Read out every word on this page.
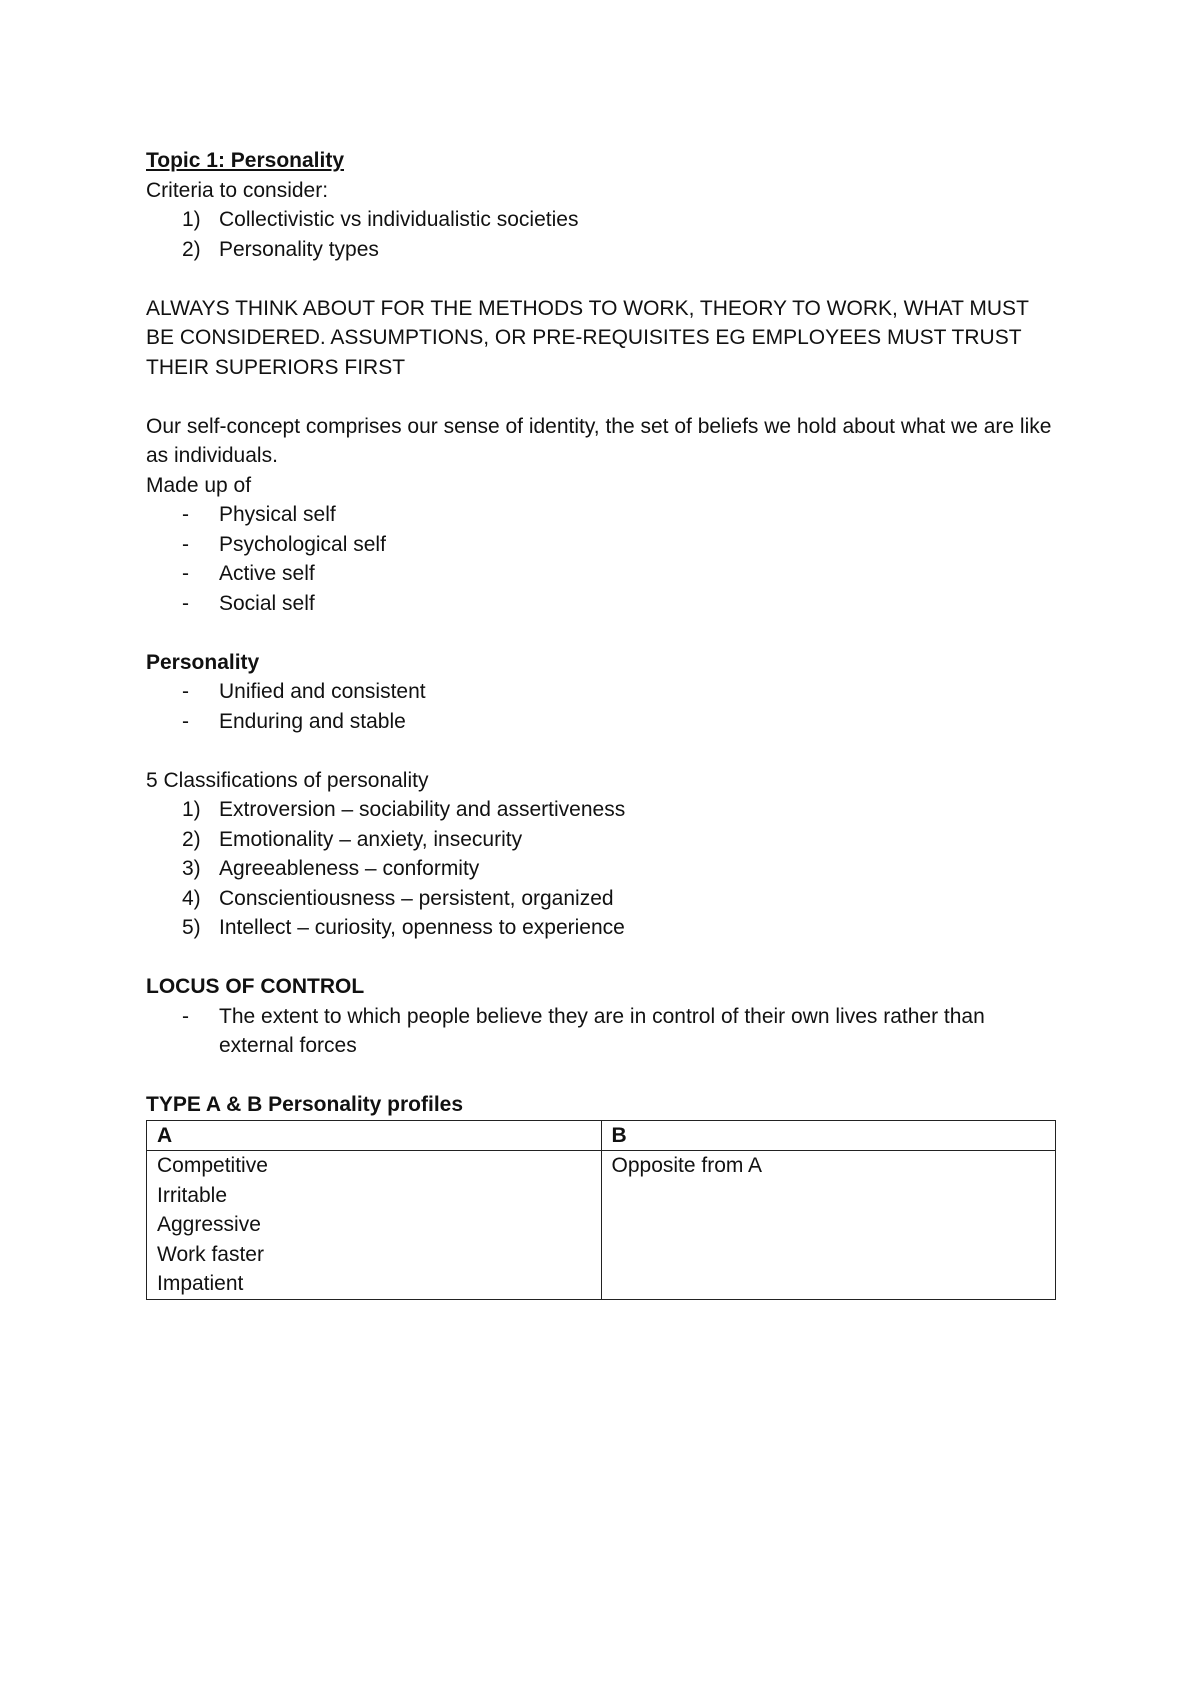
Topic 1: Personality

Criteria to consider:

1) Collectivistic vs individualistic societies
2) Personality types

ALWAYS THINK ABOUT FOR THE METHODS TO WORK, THEORY TO WORK, WHAT MUST BE CONSIDERED. ASSUMPTIONS, OR PRE-REQUISITES EG EMPLOYEES MUST TRUST THEIR SUPERIORS FIRST

Our self-concept comprises our sense of identity, the set of beliefs we hold about what we are like as individuals.

Made up of

- Physical self
- Psychological self
- Active self
- Social self

Personality

- Unified and consistent
- Enduring and stable

5 Classifications of personality

1) Extroversion – sociability and assertiveness
2) Emotionality – anxiety, insecurity
3) Agreeableness – conformity
4) Conscientiousness – persistent, organized
5) Intellect – curiosity, openness to experience

LOCUS OF CONTROL

- The extent to which people believe they are in control of their own lives rather than external forces

TYPE A & B Personality profiles

A	B

Competitive
Irritable
Aggressive
Work faster
Impatient	Opposite from A
